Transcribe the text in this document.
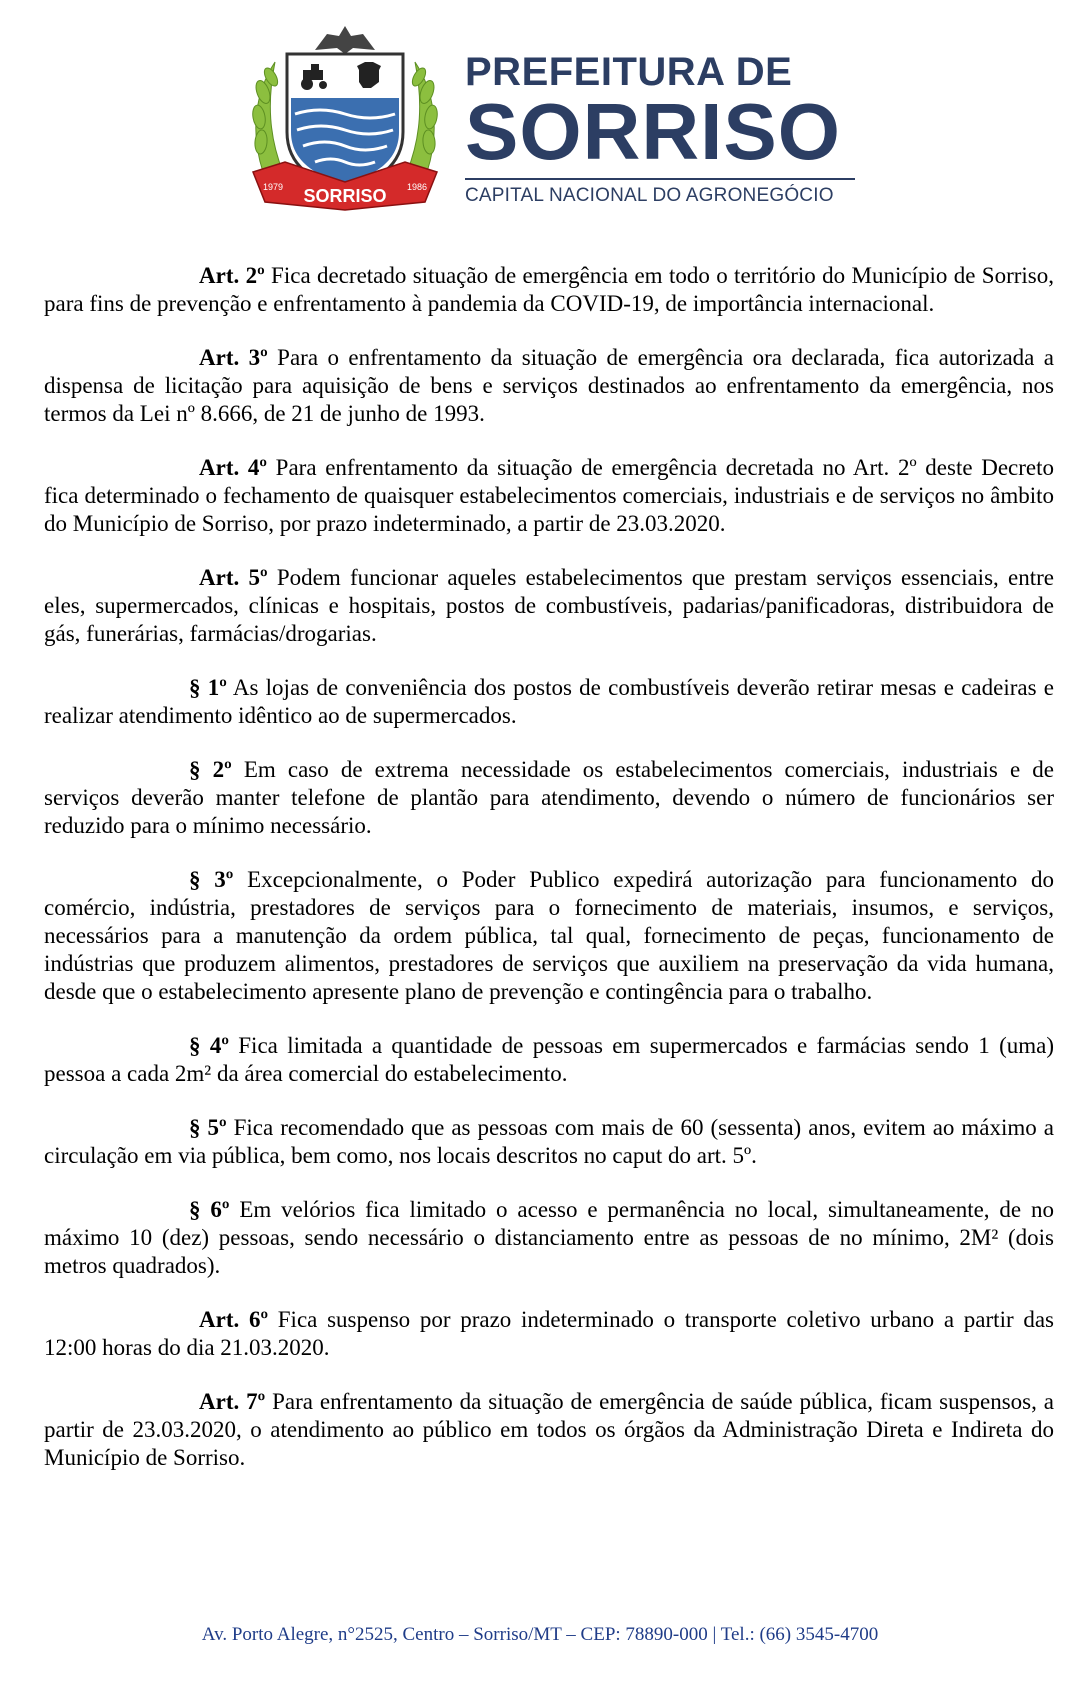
SORRISO
1979	1986
PREFEITURA DE
SORRISO
CAPITAL NACIONAL DO AGRONEGÓCIO

Art. 2º Fica decretado situação de emergência em todo o território do Município de Sorriso, para fins de prevenção e enfrentamento à pandemia da COVID-19, de importância internacional.

Art. 3º Para o enfrentamento da situação de emergência ora declarada, fica autorizada a dispensa de licitação para aquisição de bens e serviços destinados ao enfrentamento da emergência, nos termos da Lei nº 8.666, de 21 de junho de 1993.

Art. 4º Para enfrentamento da situação de emergência decretada no Art. 2º deste Decreto fica determinado o fechamento de quaisquer estabelecimentos comerciais, industriais e de serviços no âmbito do Município de Sorriso, por prazo indeterminado, a partir de 23.03.2020.

Art. 5º Podem funcionar aqueles estabelecimentos que prestam serviços essenciais, entre eles, supermercados, clínicas e hospitais, postos de combustíveis, padarias/panificadoras, distribuidora de gás, funerárias, farmácias/drogarias.

§ 1º As lojas de conveniência dos postos de combustíveis deverão retirar mesas e cadeiras e realizar atendimento idêntico ao de supermercados.

§ 2º Em caso de extrema necessidade os estabelecimentos comerciais, industriais e de serviços deverão manter telefone de plantão para atendimento, devendo o número de funcionários ser reduzido para o mínimo necessário.

§ 3º Excepcionalmente, o Poder Publico expedirá autorização para funcionamento do comércio, indústria, prestadores de serviços para o fornecimento de materiais, insumos, e serviços, necessários para a manutenção da ordem pública, tal qual, fornecimento de peças, funcionamento de indústrias que produzem alimentos, prestadores de serviços que auxiliem na preservação da vida humana, desde que o estabelecimento apresente plano de prevenção e contingência para o trabalho.

§ 4º Fica limitada a quantidade de pessoas em supermercados e farmácias sendo 1 (uma) pessoa a cada 2m² da área comercial do estabelecimento.

§ 5º Fica recomendado que as pessoas com mais de 60 (sessenta) anos, evitem ao máximo a circulação em via pública, bem como, nos locais descritos no caput do art. 5º.

§ 6º Em velórios fica limitado o acesso e permanência no local, simultaneamente, de no máximo 10 (dez) pessoas, sendo necessário o distanciamento entre as pessoas de no mínimo, 2M² (dois metros quadrados).

Art. 6º Fica suspenso por prazo indeterminado o transporte coletivo urbano a partir das 12:00 horas do dia 21.03.2020.

Art. 7º Para enfrentamento da situação de emergência de saúde pública, ficam suspensos, a partir de 23.03.2020, o atendimento ao público em todos os órgãos da Administração Direta e Indireta do Município de Sorriso.

Av. Porto Alegre, n°2525, Centro – Sorriso/MT – CEP: 78890-000 | Tel.: (66) 3545-4700
